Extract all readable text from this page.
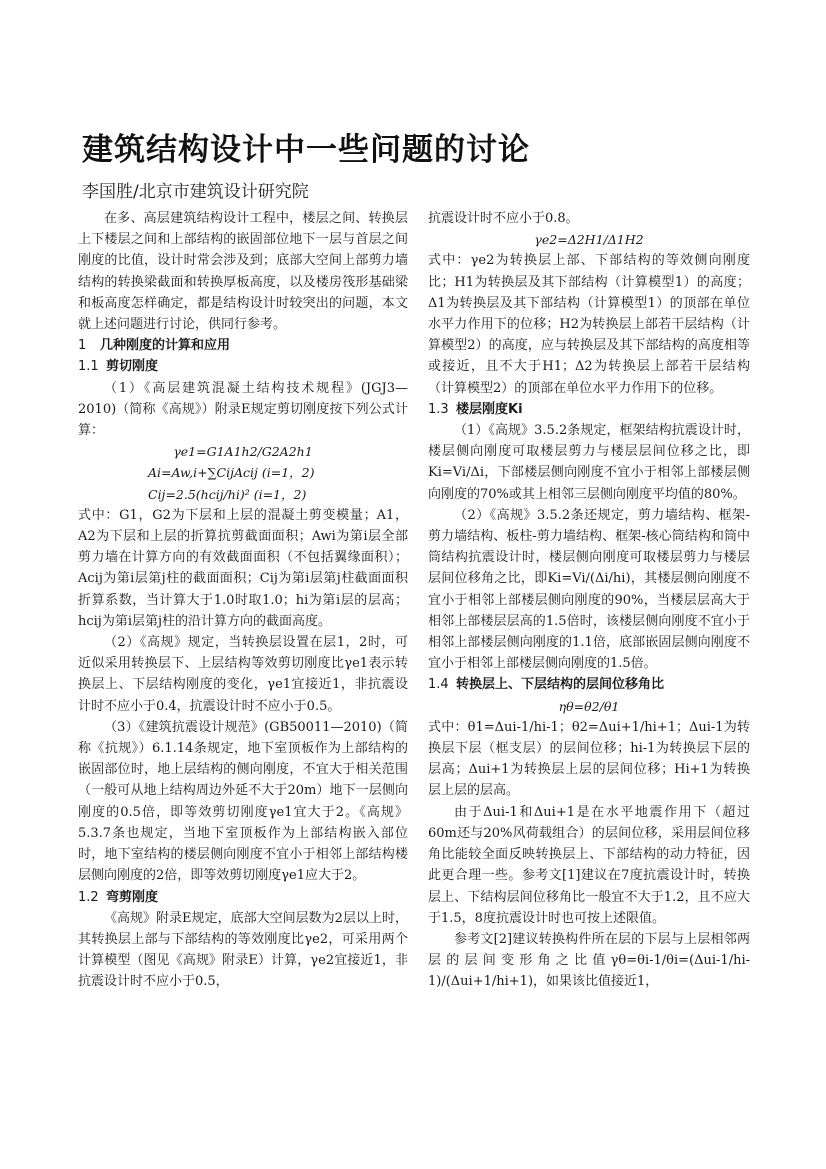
建筑结构设计中一些问题的讨论
李国胜/北京市建筑设计研究院

在多、高层建筑结构设计工程中，楼层之间、转换层上下楼层之间和上部结构的嵌固部位地下一层与首层之间刚度的比值，设计时常会涉及到；底部大空间上部剪力墙结构的转换梁截面和转换厚板高度，以及楼房筏形基础梁和板高度怎样确定，都是结构设计时较突出的问题，本文就上述问题进行讨论，供同行参考。

1 几种刚度的计算和应用

1.1 剪切刚度

（1）《高层建筑混凝土结构技术规程》(JGJ3—2010)（简称《高规》）附录E规定剪切刚度按下列公式计算：

γe1=G1A1h2/G2A2h1

Ai=Aw,i+∑CijAcij (i=1，2)

Cij=2.5(hcij/hi)² (i=1，2)

式中：G1，G2为下层和上层的混凝土剪变模量；A1，A2为下层和上层的折算抗剪截面面积；Awi为第i层全部剪力墙在计算方向的有效截面面积（不包括翼缘面积）；Acij为第i层第j柱的截面面积；Cij为第i层第j柱截面面积折算系数，当计算大于1.0时取1.0；hi为第i层的层高；hcij为第i层第j柱的沿计算方向的截面高度。

（2）《高规》规定，当转换层设置在层1，2时，可近似采用转换层下、上层结构等效剪切刚度比γe1表示转换层上、下层结构刚度的变化，γe1宜接近1，非抗震设计时不应小于0.4，抗震设计时不应小于0.5。

（3）《建筑抗震设计规范》(GB50011—2010)（简称《抗规》）6.1.14条规定，地下室顶板作为上部结构的嵌固部位时，地上层结构的侧向刚度，不宜大于相关范围（一般可从地上结构周边外延不大于20m）地下一层侧向刚度的0.5倍，即等效剪切刚度γe1宜大于2。《高规》5.3.7条也规定，当地下室顶板作为上部结构嵌入部位时，地下室结构的楼层侧向刚度不宜小于相邻上部结构楼层侧向刚度的2倍，即等效剪切刚度γe1应大于2。

1.2 弯剪刚度

《高规》附录E规定，底部大空间层数为2层以上时，其转换层上部与下部结构的等效刚度比γe2，可采用两个计算模型（图见《高规》附录E）计算，γe2宜接近1，非抗震设计时不应小于0.5，

抗震设计时不应小于0.8。

γe2=Δ2H1/Δ1H2

式中：γe2为转换层上部、下部结构的等效侧向刚度比；H1为转换层及其下部结构（计算模型1）的高度；Δ1为转换层及其下部结构（计算模型1）的顶部在单位水平力作用下的位移；H2为转换层上部若干层结构（计算模型2）的高度，应与转换层及其下部结构的高度相等或接近，且不大于H1；Δ2为转换层上部若干层结构（计算模型2）的顶部在单位水平力作用下的位移。

1.3 楼层刚度Ki

（1）《高规》3.5.2条规定，框架结构抗震设计时，楼层侧向刚度可取楼层剪力与楼层层间位移之比，即Ki=Vi/Δi，下部楼层侧向刚度不宜小于相邻上部楼层侧向刚度的70%或其上相邻三层侧向刚度平均值的80%。

（2）《高规》3.5.2条还规定，剪力墙结构、框架-剪力墙结构、板柱-剪力墙结构、框架-核心筒结构和筒中筒结构抗震设计时，楼层侧向刚度可取楼层剪力与楼层层间位移角之比，即Ki=Vi/(Δi/hi)，其楼层侧向刚度不宜小于相邻上部楼层侧向刚度的90%，当楼层层高大于相邻上部楼层层高的1.5倍时，该楼层侧向刚度不宜小于相邻上部楼层侧向刚度的1.1倍，底部嵌固层侧向刚度不宜小于相邻上部楼层侧向刚度的1.5倍。

1.4 转换层上、下层结构的层间位移角比

ηθ=θ2/θ1

式中：θ1=Δui-1/hi-1；θ2=Δui+1/hi+1；Δui-1为转换层下层（框支层）的层间位移；hi-1为转换层下层的层高；Δui+1为转换层上层的层间位移；Hi+1为转换层上层的层高。

由于Δui-1和Δui+1是在水平地震作用下（超过60m还与20%风荷载组合）的层间位移，采用层间位移角比能较全面反映转换层上、下部结构的动力特征，因此更合理一些。参考文[1]建议在7度抗震设计时，转换层上、下结构层间位移角比一般宜不大于1.2，且不应大于1.5，8度抗震设计时也可按上述限值。

参考文[2]建议转换构件所在层的下层与上层相邻两层的层间变形角之比值γθ=θi-1/θi=(Δui-1/hi-1)/(Δui+1/hi+1)，如果该比值接近1，
